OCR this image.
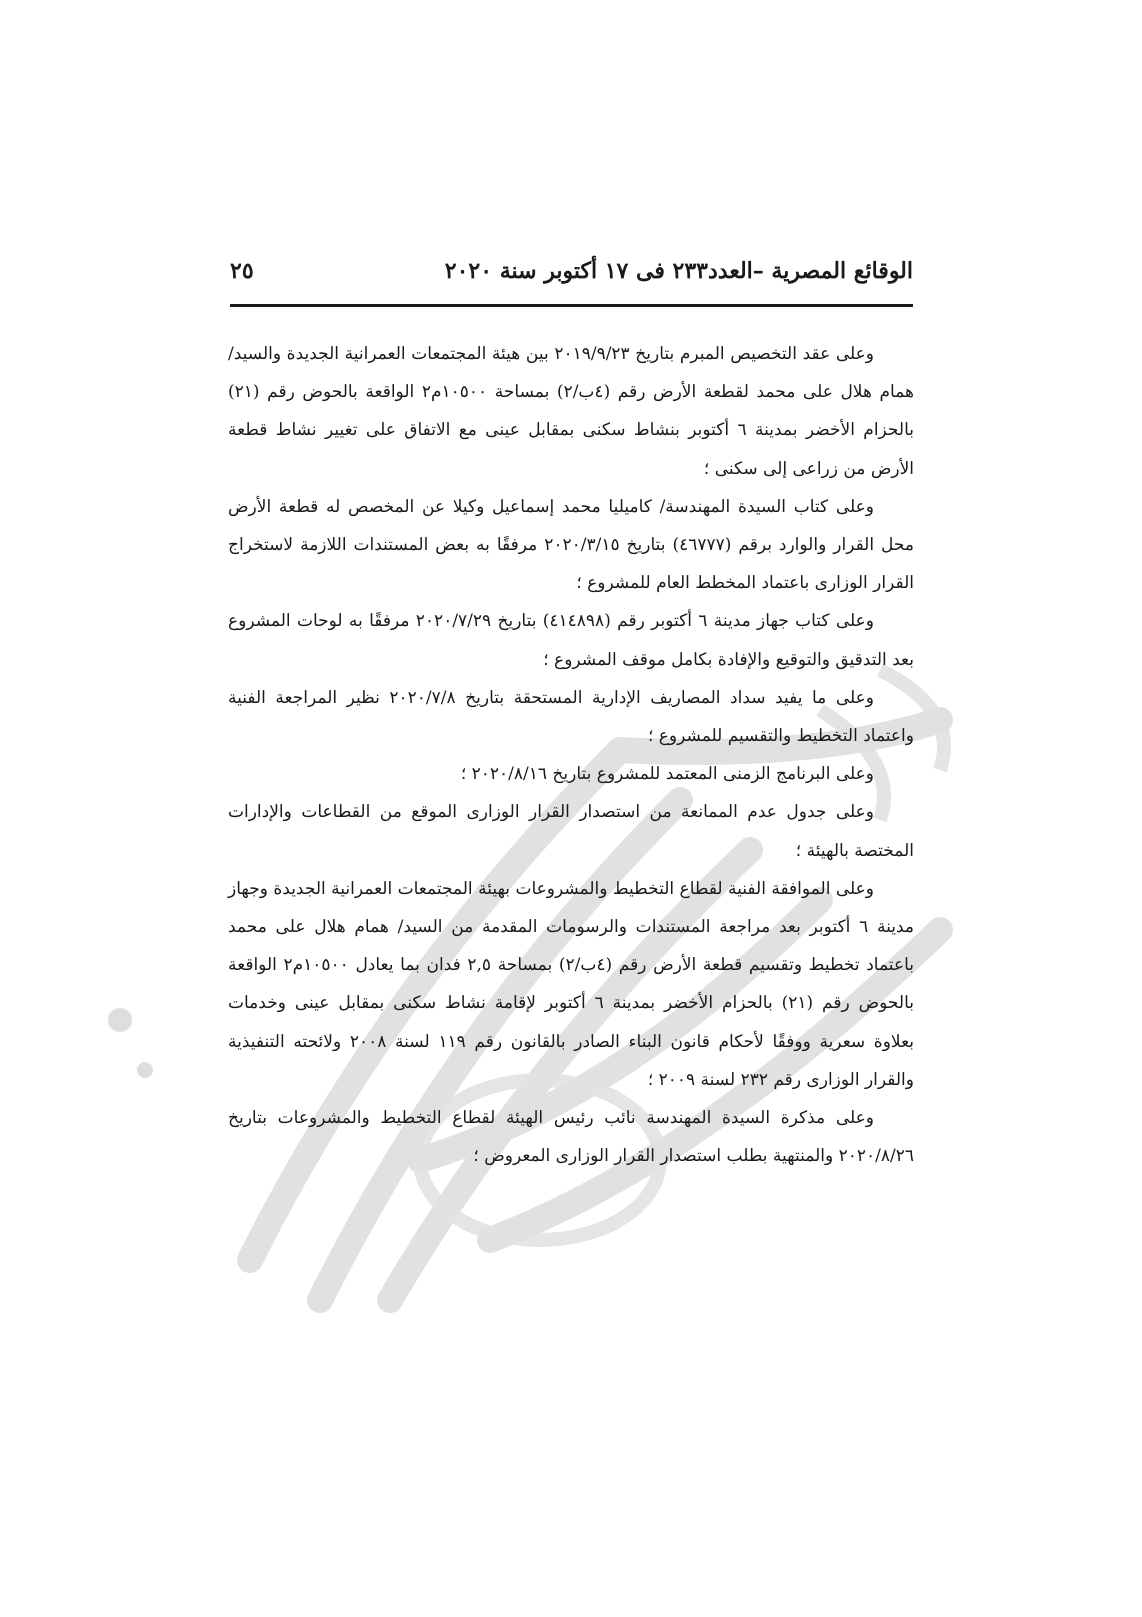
الوقائع المصرية –العدد٢٣٣ فى ١٧ أكتوبر سنة ٢٠٢٠
٢٥

وعلى عقد التخصيص المبرم بتاريخ ٢٠١٩/٩/٢٣ بين هيئة المجتمعات العمرانية الجديدة والسيد/ همام هلال على محمد لقطعة الأرض رقم (٤ب/٢) بمساحة ١٠٥٠٠م٢ الواقعة بالحوض رقم (٢١) بالحزام الأخضر بمدينة ٦ أكتوبر بنشاط سكنى بمقابل عينى مع الاتفاق على تغيير نشاط قطعة الأرض من زراعى إلى سكنى ؛

وعلى كتاب السيدة المهندسة/ كاميليا محمد إسماعيل وكيلا عن المخصص له قطعة الأرض محل القرار والوارد برقم (٤٦٧٧٧) بتاريخ ٢٠٢٠/٣/١٥ مرفقًا به بعض المستندات اللازمة لاستخراج القرار الوزارى باعتماد المخطط العام للمشروع ؛

وعلى كتاب جهاز مدينة ٦ أكتوبر رقم (٤١٤٨٩٨) بتاريخ ٢٠٢٠/٧/٢٩ مرفقًا به لوحات المشروع بعد التدقيق والتوقيع والإفادة بكامل موقف المشروع ؛

وعلى ما يفيد سداد المصاريف الإدارية المستحقة بتاريخ ٢٠٢٠/٧/٨ نظير المراجعة الفنية واعتماد التخطيط والتقسيم للمشروع ؛

وعلى البرنامج الزمنى المعتمد للمشروع بتاريخ ٢٠٢٠/٨/١٦ ؛

وعلى جدول عدم الممانعة من استصدار القرار الوزارى الموقع من القطاعات والإدارات المختصة بالهيئة ؛

وعلى الموافقة الفنية لقطاع التخطيط والمشروعات بهيئة المجتمعات العمرانية الجديدة وجهاز مدينة ٦ أكتوبر بعد مراجعة المستندات والرسومات المقدمة من السيد/ همام هلال على محمد باعتماد تخطيط وتقسيم قطعة الأرض رقم (٤ب/٢) بمساحة ٢,٥ فدان بما يعادل ١٠٥٠٠م٢ الواقعة بالحوض رقم (٢١) بالحزام الأخضر بمدينة ٦ أكتوبر لإقامة نشاط سكنى بمقابل عينى وخدمات بعلاوة سعرية ووفقًا لأحكام قانون البناء الصادر بالقانون رقم ١١٩ لسنة ٢٠٠٨ ولائحته التنفيذية والقرار الوزارى رقم ٢٣٢ لسنة ٢٠٠٩ ؛

وعلى مذكرة السيدة المهندسة نائب رئيس الهيئة لقطاع التخطيط والمشروعات بتاريخ ٢٠٢٠/٨/٢٦ والمنتهية بطلب استصدار القرار الوزارى المعروض ؛
